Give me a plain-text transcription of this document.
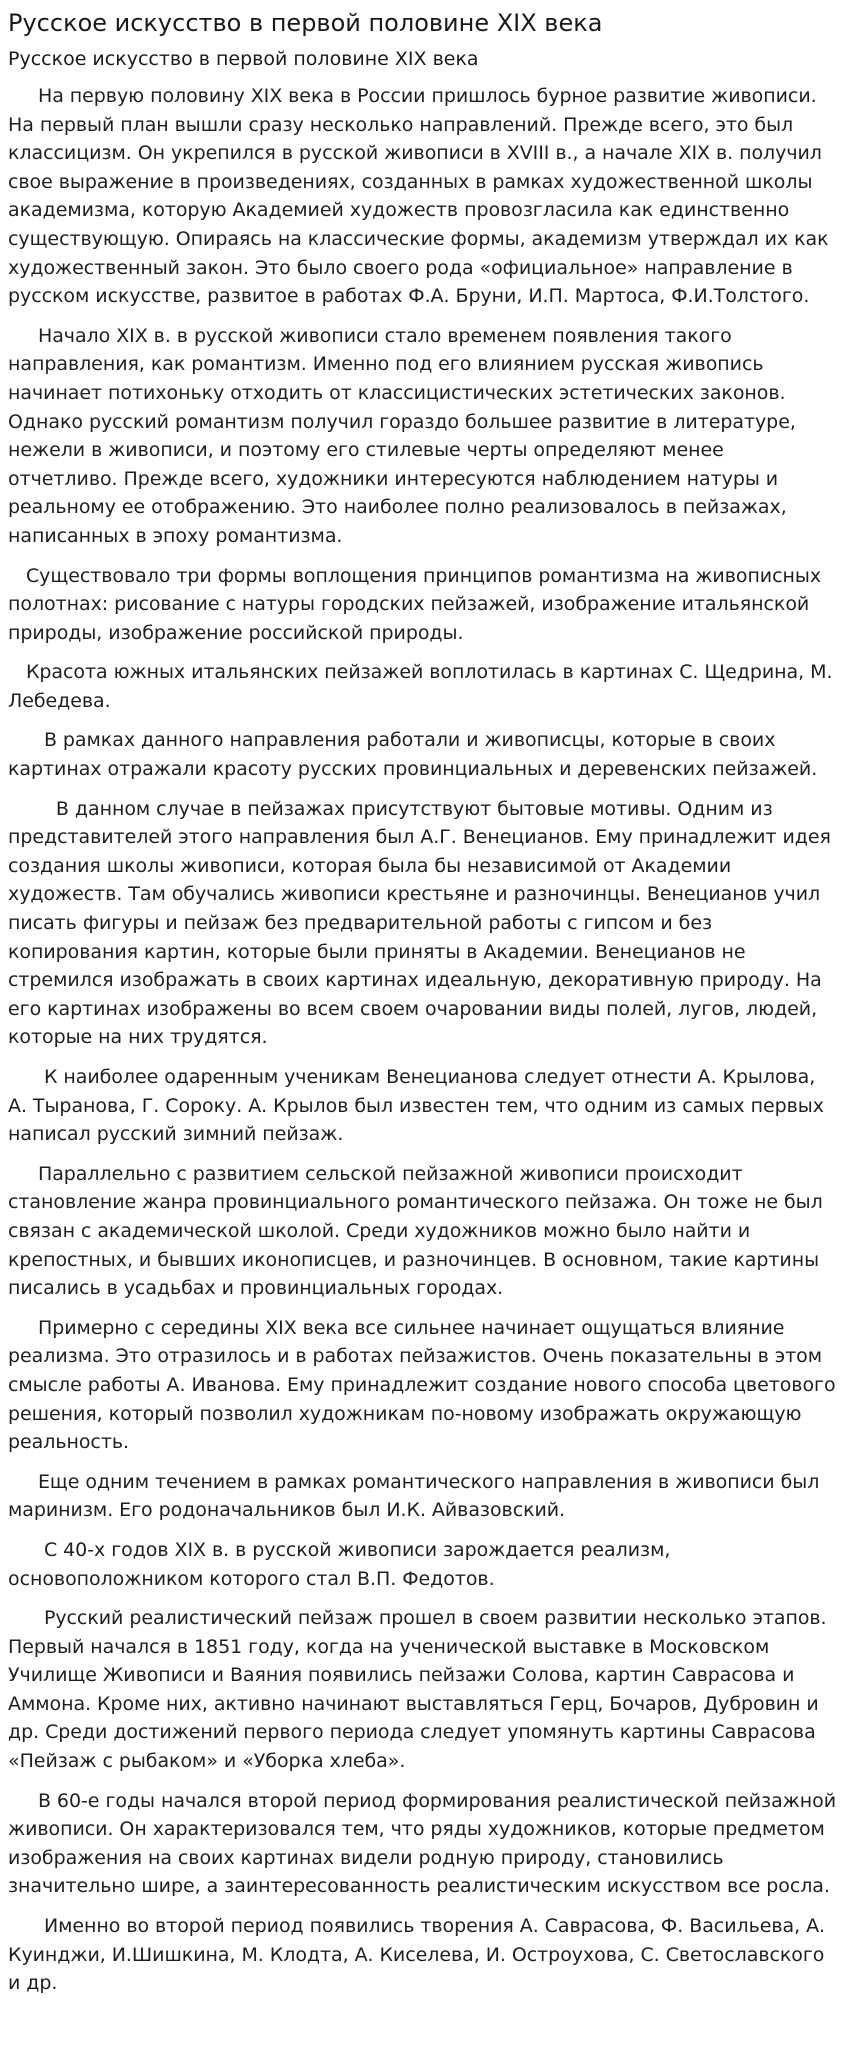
Русское искусство в первой половине XIX века
Русское искусство в первой половине XIX века

На первую половину XIX века в России пришлось бурное развитие живописи. На первый план вышли сразу несколько направлений. Прежде всего, это был классицизм. Он укрепился в русской живописи в XVIII в., а начале XIX в. получил свое выражение в произведениях, созданных в рамках художественной школы академизма, которую Академией художеств провозгласила как единственно существующую. Опираясь на классические формы, академизм утверждал их как художественный закон. Это было своего рода «официальное» направление в русском искусстве, развитое в работах Ф.А. Бруни, И.П. Мартоса, Ф.И.Толстого.

Начало XIX в. в русской живописи стало временем появления такого направления, как романтизм. Именно под его влиянием русская живопись начинает потихоньку отходить от классицистических эстетических законов. Однако русский романтизм получил гораздо большее развитие в литературе, нежели в живописи, и поэтому его стилевые черты определяют менее отчетливо. Прежде всего, художники интересуются наблюдением натуры и реальному ее отображению. Это наиболее полно реализовалось в пейзажах, написанных в эпоху романтизма.

Существовало три формы воплощения принципов романтизма на живописных полотнах: рисование с натуры городских пейзажей, изображение итальянской природы, изображение российской природы.

Красота южных итальянских пейзажей воплотилась в картинах С. Щедрина, М. Лебедева.

В рамках данного направления работали и живописцы, которые в своих картинах отражали красоту русских провинциальных и деревенских пейзажей.

В данном случае в пейзажах присутствуют бытовые мотивы. Одним из представителей этого направления был А.Г. Венецианов. Ему принадлежит идея создания школы живописи, которая была бы независимой от Академии художеств. Там обучались живописи крестьяне и разночинцы. Венецианов учил писать фигуры и пейзаж без предварительной работы с гипсом и без копирования картин, которые были приняты в Академии. Венецианов не стремился изображать в своих картинах идеальную, декоративную природу. На его картинах изображены во всем своем очаровании виды полей, лугов, людей, которые на них трудятся.

К наиболее одаренным ученикам Венецианова следует отнести А. Крылова, А. Тыранова, Г. Сороку. А. Крылов был известен тем, что одним из самых первых написал русский зимний пейзаж.

Параллельно с развитием сельской пейзажной живописи происходит становление жанра провинциального романтического пейзажа. Он тоже не был связан с академической школой. Среди художников можно было найти и крепостных, и бывших иконописцев, и разночинцев. В основном, такие картины писались в усадьбах и провинциальных городах.

Примерно с середины XIX века все сильнее начинает ощущаться влияние реализма. Это отразилось и в работах пейзажистов. Очень показательны в этом смысле работы А. Иванова. Ему принадлежит создание нового способа цветового решения, который позволил художникам по-новому изображать окружающую реальность.

Еще одним течением в рамках романтического направления в живописи был маринизм. Его родоначальников был И.К. Айвазовский.

С 40-х годов XIX в. в русской живописи зарождается реализм, основоположником которого стал В.П. Федотов.

Русский реалистический пейзаж прошел в своем развитии несколько этапов. Первый начался в 1851 году, когда на ученической выставке в Московском Училище Живописи и Ваяния появились пейзажи Солова, картин Саврасова и Аммона. Кроме них, активно начинают выставляться Герц, Бочаров, Дубровин и др. Среди достижений первого периода следует упомянуть картины Саврасова «Пейзаж с рыбаком» и «Уборка хлеба».

В 60-е годы начался второй период формирования реалистической пейзажной живописи. Он характеризовался тем, что ряды художников, которые предметом изображения на своих картинах видели родную природу, становились значительно шире, а заинтересованность реалистическим искусством все росла.

Именно во второй период появились творения А. Саврасова, Ф. Васильева, А. Куинджи, И.Шишкина, М. Клодта, А. Киселева, И. Остроухова, С. Светославского и др.
